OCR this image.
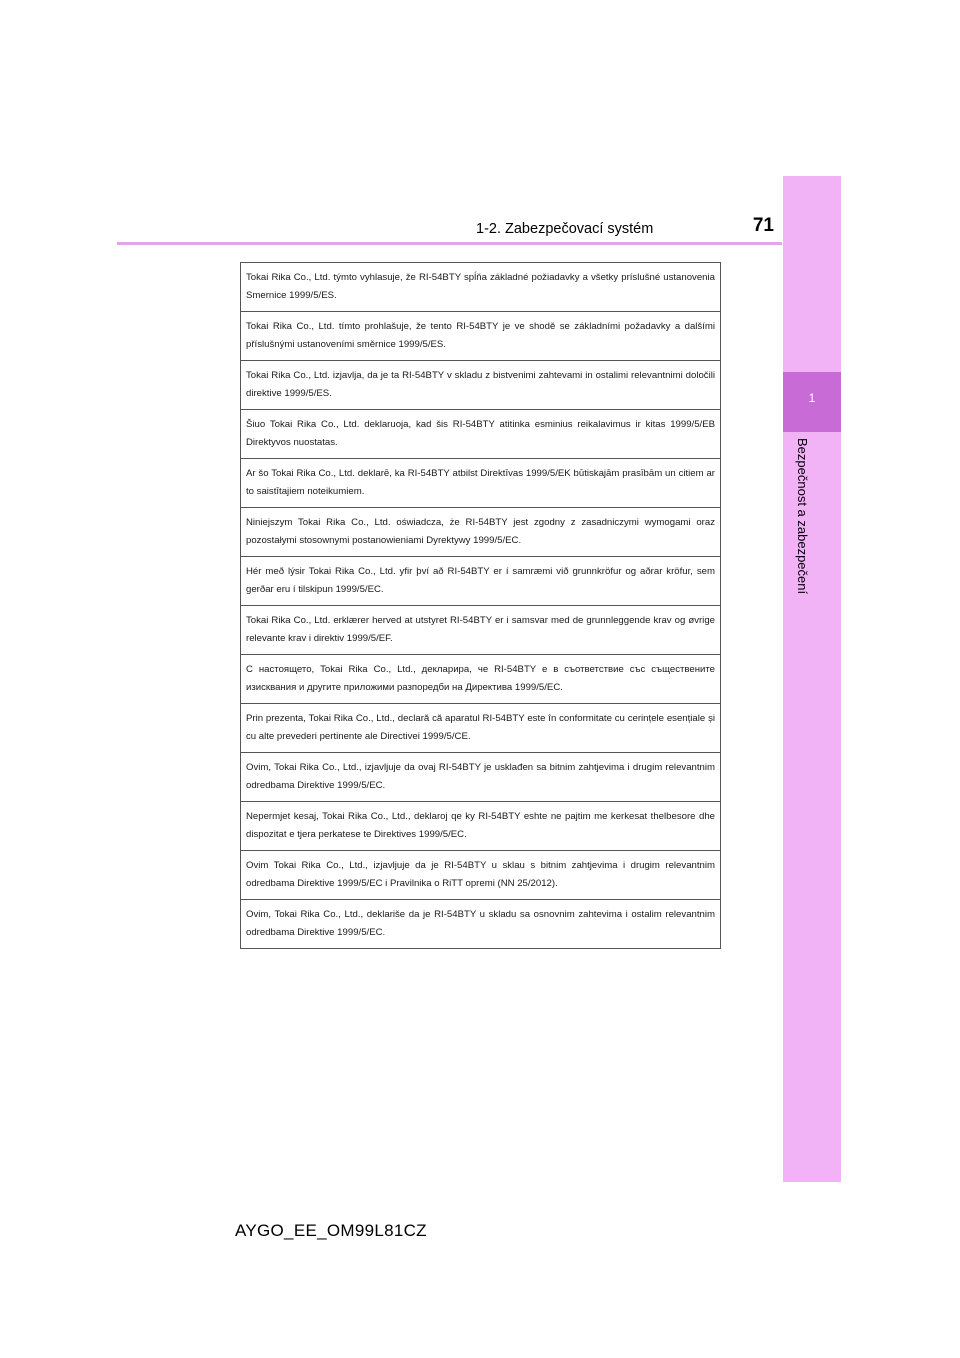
1
Bezpečnost a zabezpečení
1-2. Zabezpečovací systém	71
Tokai Rika Co., Ltd. týmto vyhlasuje, že RI-54BTY spĺňa základné požiadavky a všetky príslušné ustanovenia Smernice 1999/5/ES.
Tokai Rika Co., Ltd. tímto prohlašuje, že tento RI-54BTY je ve shodě se základními požadavky a dalšími příslušnými ustanoveními směrnice 1999/5/ES.
Tokai Rika Co., Ltd. izjavlja, da je ta RI-54BTY v skladu z bistvenimi zahtevami in ostalimi relevantnimi določili direktive 1999/5/ES.
Šiuo Tokai Rika Co., Ltd. deklaruoja, kad šis RI-54BTY atitinka esminius reikalavimus ir kitas 1999/5/EB Direktyvos nuostatas.
Ar šo Tokai Rika Co., Ltd. deklarē, ka RI-54BTY atbilst Direktīvas 1999/5/EK būtiskajām prasībām un citiem ar to saistītajiem noteikumiem.
Niniejszym Tokai Rika Co., Ltd. oświadcza, że RI-54BTY jest zgodny z zasadniczymi wymogami oraz pozostałymi stosownymi postanowieniami Dyrektywy 1999/5/EC.
Hér með lýsir Tokai Rika Co., Ltd. yfir því að RI-54BTY er í samræmi við grunnkröfur og aðrar kröfur, sem gerðar eru í tilskipun 1999/5/EC.
Tokai Rika Co., Ltd. erklærer herved at utstyret RI-54BTY er i samsvar med de grunnleggende krav og øvrige relevante krav i direktiv 1999/5/EF.
С настоящето, Tokai Rika Co., Ltd., декларира, че RI-54BTY е в съответствие със съществените изисквания и другите приложими разпоредби на Директива 1999/5/ЕС.
Prin prezenta, Tokai Rika Co., Ltd., declară că aparatul RI-54BTY este în conformitate cu cerințele esențiale și cu alte prevederi pertinente ale Directivei 1999/5/CE.
Ovim, Tokai Rika Co., Ltd., izjavljuje da ovaj RI-54BTY je usklađen sa bitnim zahtjevima i drugim relevantnim odredbama Direktive 1999/5/EC.
Nepermjet kesaj, Tokai Rika Co., Ltd., deklaroj qe ky RI-54BTY eshte ne pajtim me kerkesat thelbesore dhe dispozitat e tjera perkatese te Direktives 1999/5/EC.
Ovim Tokai Rika Co., Ltd., izjavljuje da je RI-54BTY u sklau s bitnim zahtjevima i drugim relevantnim odredbama Direktive 1999/5/EC i Pravilnika o RiTT opremi (NN 25/2012).
Ovim, Tokai Rika Co., Ltd., deklariše da je RI-54BTY u skladu sa osnovnim zahtevima i ostalim relevantnim odredbama Direktive 1999/5/EC.
AYGO_EE_OM99L81CZ
